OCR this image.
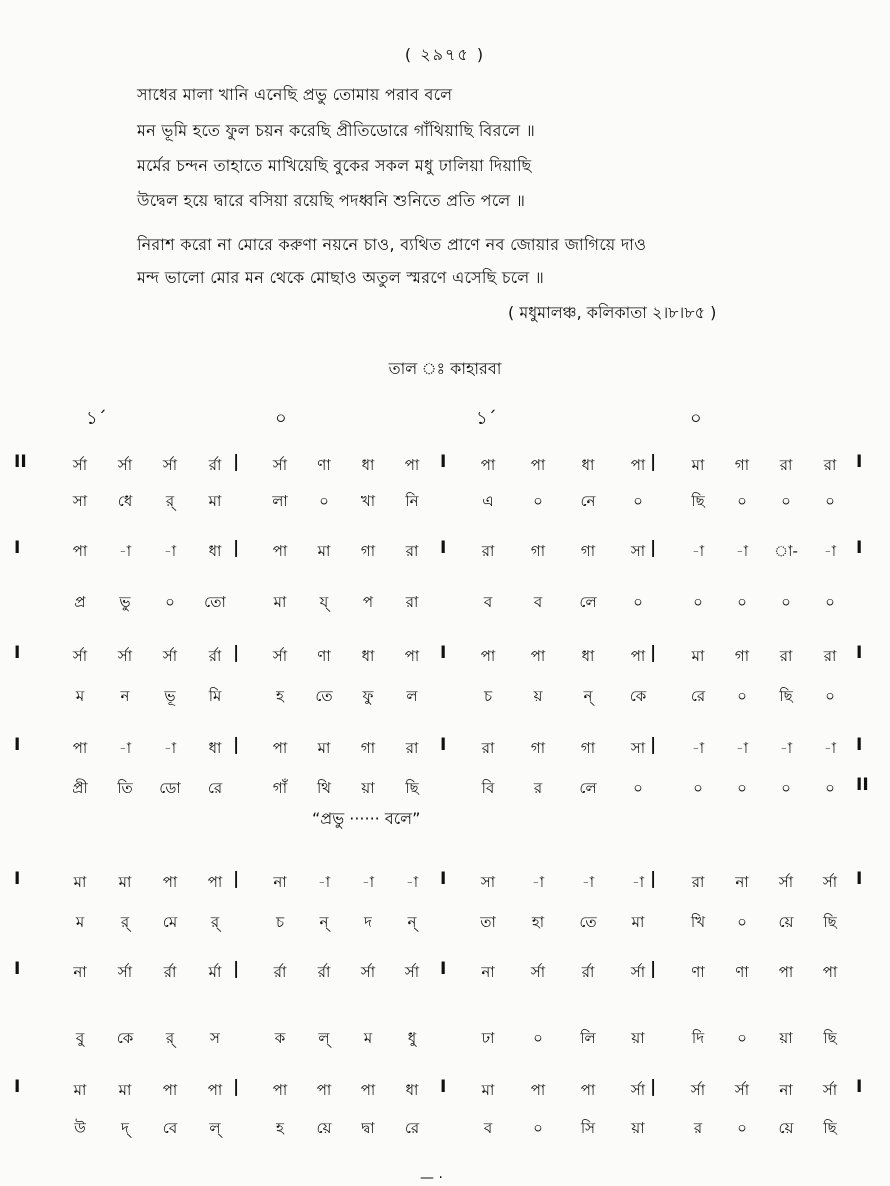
( ২৯৭৫ )
সাধের মালা খানি এনেছি প্রভু তোমায় পরাব বলে
মন ভূমি হতে ফুল চয়ন করেছি প্রীতিডোরে গাঁথিয়াছি বিরলে ॥
মর্মের চন্দন তাহাতে মাখিয়েছি বুকের সকল মধু ঢালিয়া দিয়াছি
উদ্বেল হয়ে দ্বারে বসিয়া রয়েছি পদধ্বনি শুনিতে প্রতি পলে ॥
নিরাশ করো না মোরে করুণা নয়নে চাও, ব্যথিত প্রাণে নব জোয়ার জাগিয়ে দাও
মন্দ ভালো মোর মন থেকে মোছাও অতুল স্মরণে এসেছি চলে ॥
( মধুমালঞ্চ, কলিকাতা ২।৮।৮৫ )
তাল ঃ কাহারবা
১´	০	১´	০
II	র্সা	র্সা	র্সা	র্রা	র্সা	ণা	ধা	পা	পা	পা	ধা	পা	মা	গা	রা	রা
|	I	|	I
সা	ধে	র্	মা	লা	০	খা	নি	এ	০	নে	০	ছি	০	০	০
I	পা	-া	-া	ধা	পা	মা	গা	রা	রা	গা	গা	সা	-া	-া	া-	-া
|	I	|	I
প্র	ভু	০	তো	মা	য্	প	রা	ব	ব	লে	০	০	০	০	০
I	র্সা	র্সা	র্সা	র্রা	র্সা	ণা	ধা	পা	পা	পা	ধা	পা	মা	গা	রা	রা
|	I	|	I
ম	ন	ভূ	মি	হ	তে	ফু	ল	চ	য়	ন্	কে	রে	০	ছি	০
I	পা	-া	-া	ধা	পা	মা	গা	রা	রা	গা	গা	সা	-া	-া	-া	-া
|	I	|	I
প্রী	তি	ডো	রে	গাঁ	থি	য়া	ছি	বি	র	লে	০	০	০	০	০	II
I	মা	মা	পা	পা	না	-া	-া	-া	সা	-া	-া	-া	রা	না	র্সা	র্সা
|	I	|	I
ম	র্	মে	র্	চ	ন্	দ	ন্	তা	হা	তে	মা	খি	০	য়ে	ছি
I	না	র্সা	র্রা	র্মা	র্রা	র্রা	র্সা	র্সা	না	র্সা	র্রা	র্সা	ণা	ণা	পা	পা
|	I	|
বু	কে	র্	স	ক	ল্	ম	ধু	ঢা	০	লি	য়া	দি	০	য়া	ছি
I	মা	মা	পা	পা	পা	পা	পা	ধা	মা	পা	পা	র্সা	র্সা	র্সা	না	র্সা
|	I	|	I
উ	দ্	বে	ল্	হ	য়ে	দ্বা	রে	ব	০	সি	য়া	র	০	য়ে	ছি
“প্রভু ······ বলে”
— ·
